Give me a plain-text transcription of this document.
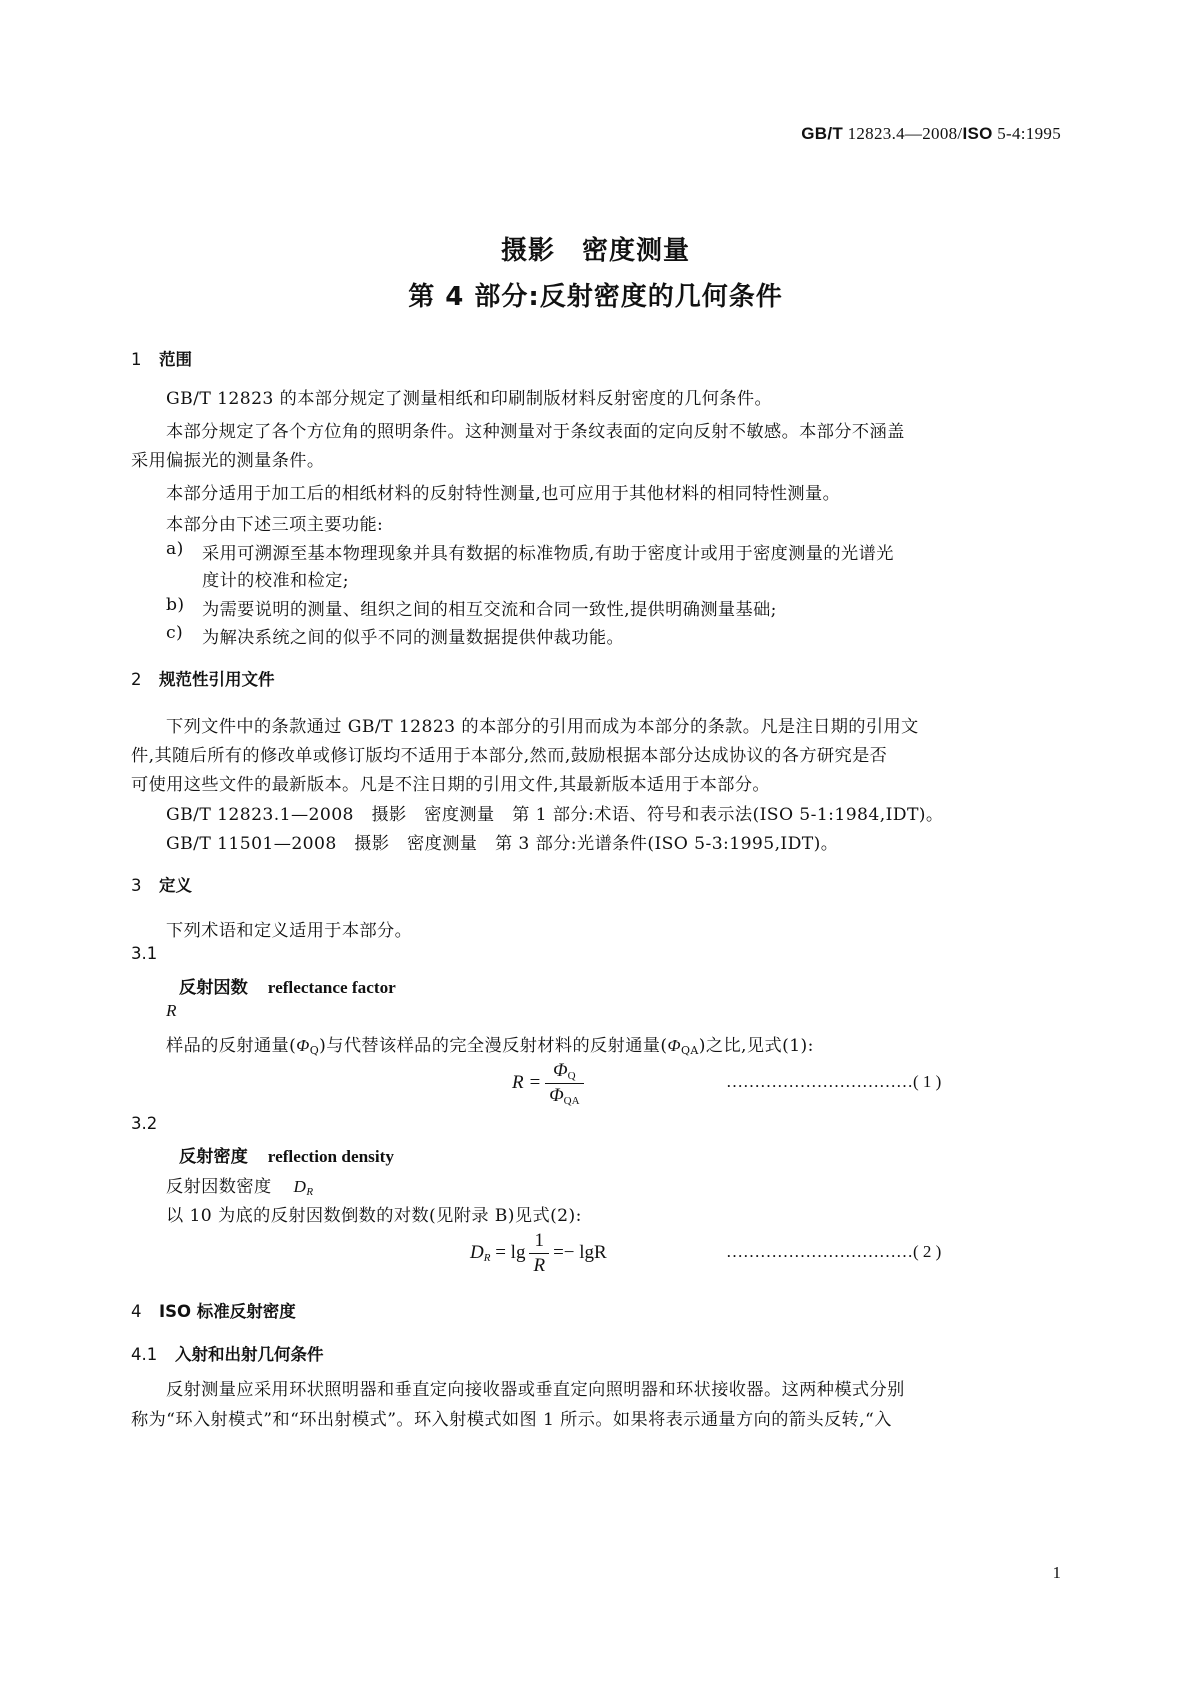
GB/T 12823.4—2008/ISO 5-4:1995
摄影　密度测量
第 4 部分:反射密度的几何条件
1 范围
GB/T 12823 的本部分规定了测量相纸和印刷制版材料反射密度的几何条件。
本部分规定了各个方位角的照明条件。这种测量对于条纹表面的定向反射不敏感。本部分不涵盖
采用偏振光的测量条件。
本部分适用于加工后的相纸材料的反射特性测量,也可应用于其他材料的相同特性测量。
本部分由下述三项主要功能:
a) 采用可溯源至基本物理现象并具有数据的标准物质,有助于密度计或用于密度测量的光谱光
度计的校准和检定;
b) 为需要说明的测量、组织之间的相互交流和合同一致性,提供明确测量基础;
c) 为解决系统之间的似乎不同的测量数据提供仲裁功能。
2 规范性引用文件
下列文件中的条款通过 GB/T 12823 的本部分的引用而成为本部分的条款。凡是注日期的引用文
件,其随后所有的修改单或修订版均不适用于本部分,然而,鼓励根据本部分达成协议的各方研究是否
可使用这些文件的最新版本。凡是不注日期的引用文件,其最新版本适用于本部分。
GB/T 12823.1—2008　摄影　密度测量　第 1 部分:术语、符号和表示法(ISO 5-1:1984,IDT)。
GB/T 11501—2008　摄影　密度测量　第 3 部分:光谱条件(ISO 5-3:1995,IDT)。
3 定义
下列术语和定义适用于本部分。
3.1
反射因数 reflectance factor
R
样品的反射通量$(\Phi_Q)$与代替该样品的完全漫反射材料的反射通量$(\Phi_{QA})$之比,见式(1):
$R = \frac{\Phi_Q}{\Phi_{QA}}$	……………………………( 1 )
3.2
反射密度 reflection density
反射因数密度 $D_R$
以 10 为底的反射因数倒数的对数(见附录 B)见式(2):
$D_R = \lg \frac{1}{R} =- \lg R$	……………………………( 2 )
4 ISO 标准反射密度
4.1 入射和出射几何条件
反射测量应采用环状照明器和垂直定向接收器或垂直定向照明器和环状接收器。这两种模式分别
称为“环入射模式”和“环出射模式”。环入射模式如图 1 所示。如果将表示通量方向的箭头反转,“入
1
